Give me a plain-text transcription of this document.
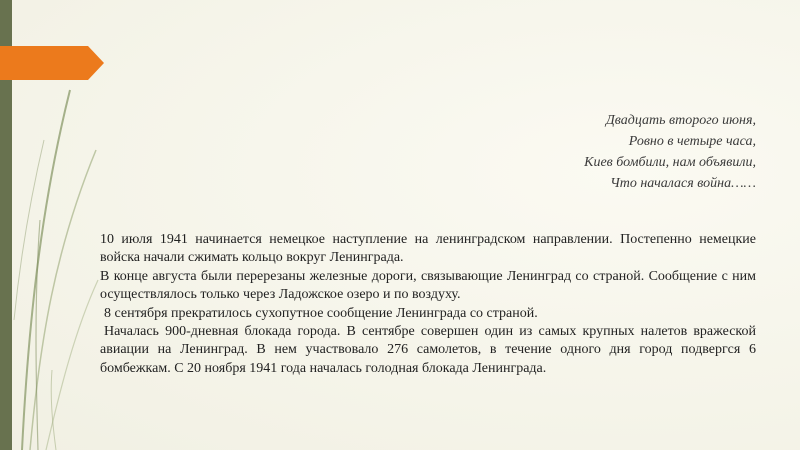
Двадцать второго июня,
Ровно в четыре часа,
Киев бомбили, нам объявили,
Что началася война……

10 июля 1941 начинается немецкое наступление на ленинградском направлении. Постепенно немецкие войска начали сжимать кольцо вокруг Ленинграда.

В конце августа были перерезаны железные дороги, связывающие Ленинград со страной. Сообщение с ним осуществлялось только через Ладожское озеро и по воздуху.

8 сентября прекратилось сухопутное сообщение Ленинграда со страной.

Началась 900-дневная блокада города. В сентябре совершен один из самых крупных налетов вражеской авиации на Ленинград. В нем участвовало 276 самолетов, в течение одного дня город подвергся 6 бомбежкам. С 20 ноября 1941 года началась голодная блокада Ленинграда.
